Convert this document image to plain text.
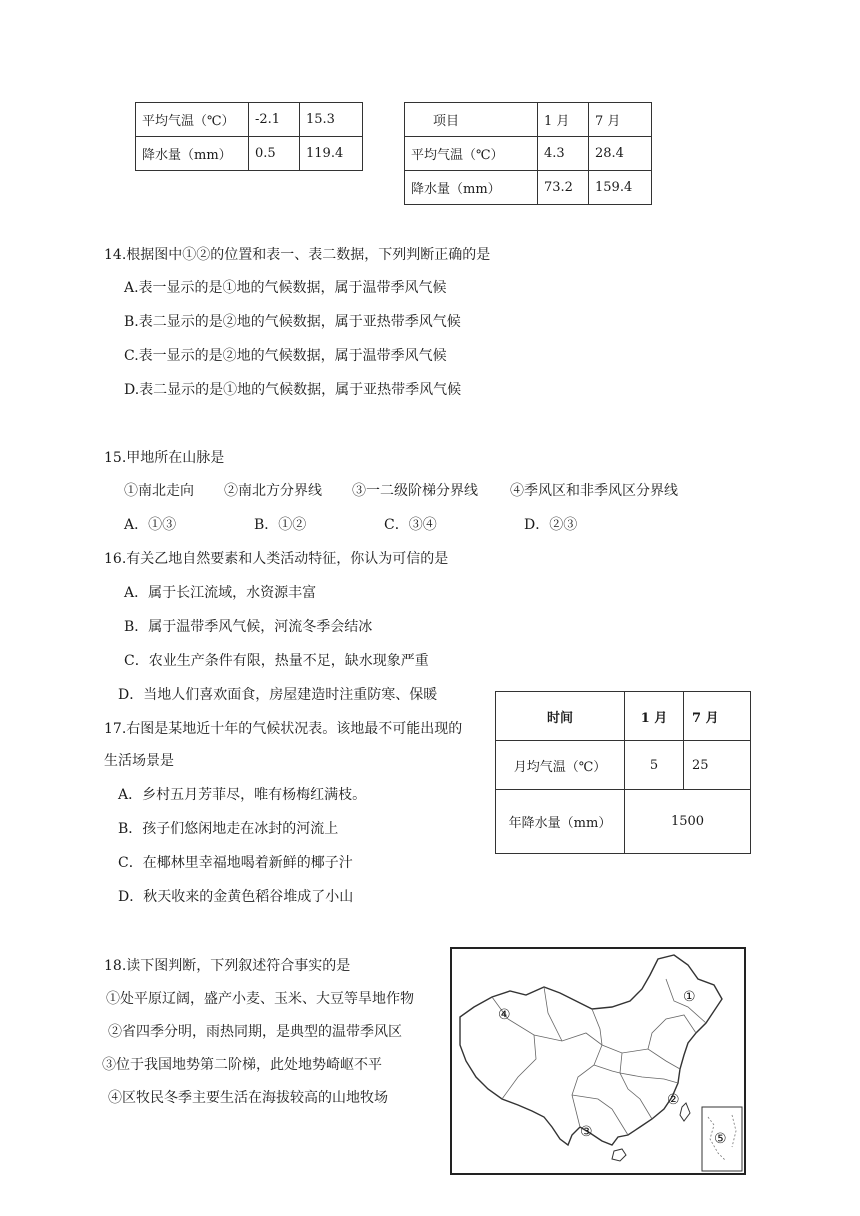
平均气温（℃）	-2.1	15.3
降水量（mm）	0.5	119.4
项目	1 月	7 月
平均气温（℃）	4.3	28.4
降水量（mm）	73.2	159.4
14.根据图中①②的位置和表一、表二数据，下列判断正确的是
A.表一显示的是①地的气候数据，属于温带季风气候
B.表二显示的是②地的气候数据，属于亚热带季风气候
C.表一显示的是②地的气候数据，属于温带季风气候
D.表二显示的是①地的气候数据，属于亚热带季风气候
15.甲地所在山脉是
①南北走向 ②南北方分界线 ③一二级阶梯分界线 ④季风区和非季风区分界线
A．①③	B．①②	C．③④	D．②③
16.有关乙地自然要素和人类活动特征，你认为可信的是
A．属于长江流域，水资源丰富
B．属于温带季风气候，河流冬季会结冰
C．农业生产条件有限，热量不足，缺水现象严重
D．当地人们喜欢面食，房屋建造时注重防寒、保暖
17.右图是某地近十年的气候状况表。该地最不可能出现的
生活场景是
A．乡村五月芳菲尽，唯有杨梅红满枝。
B．孩子们悠闲地走在冰封的河流上
C．在椰林里幸福地喝着新鲜的椰子汁
D．秋天收来的金黄色稻谷堆成了小山
时间	1 月	7 月
月均气温（℃）	5	25
年降水量（mm）	1500	
18.读下图判断，下列叙述符合事实的是
①处平原辽阔，盛产小麦、玉米、大豆等旱地作物
②省四季分明，雨热同期，是典型的温带季风区
③位于我国地势第二阶梯，此处地势崎岖不平
④区牧民冬季主要生活在海拔较高的山地牧场
①
②
③
④
⑤
